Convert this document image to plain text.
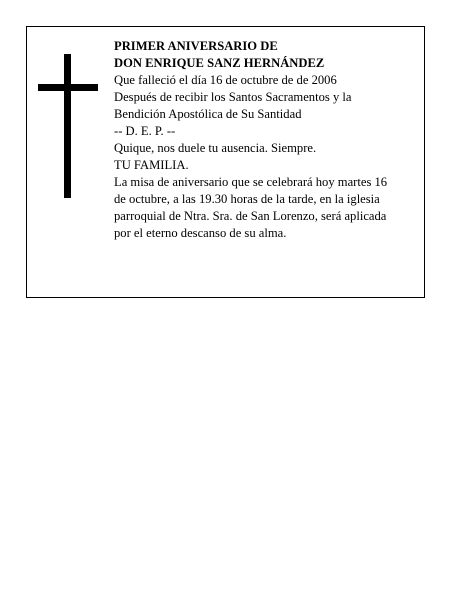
PRIMER ANIVERSARIO DE
DON ENRIQUE SANZ HERNÁNDEZ
Que falleció el día 16 de octubre de de 2006
Después de recibir los Santos Sacramentos y la
Bendición Apostólica de Su Santidad
-- D. E. P. --
Quique, nos duele tu ausencia. Siempre.
TU FAMILIA.
La misa de aniversario que se celebrará hoy martes 16
de octubre, a las 19.30 horas de la tarde, en la iglesia
parroquial de Ntra. Sra. de San Lorenzo, será aplicada
por el eterno descanso de su alma.
